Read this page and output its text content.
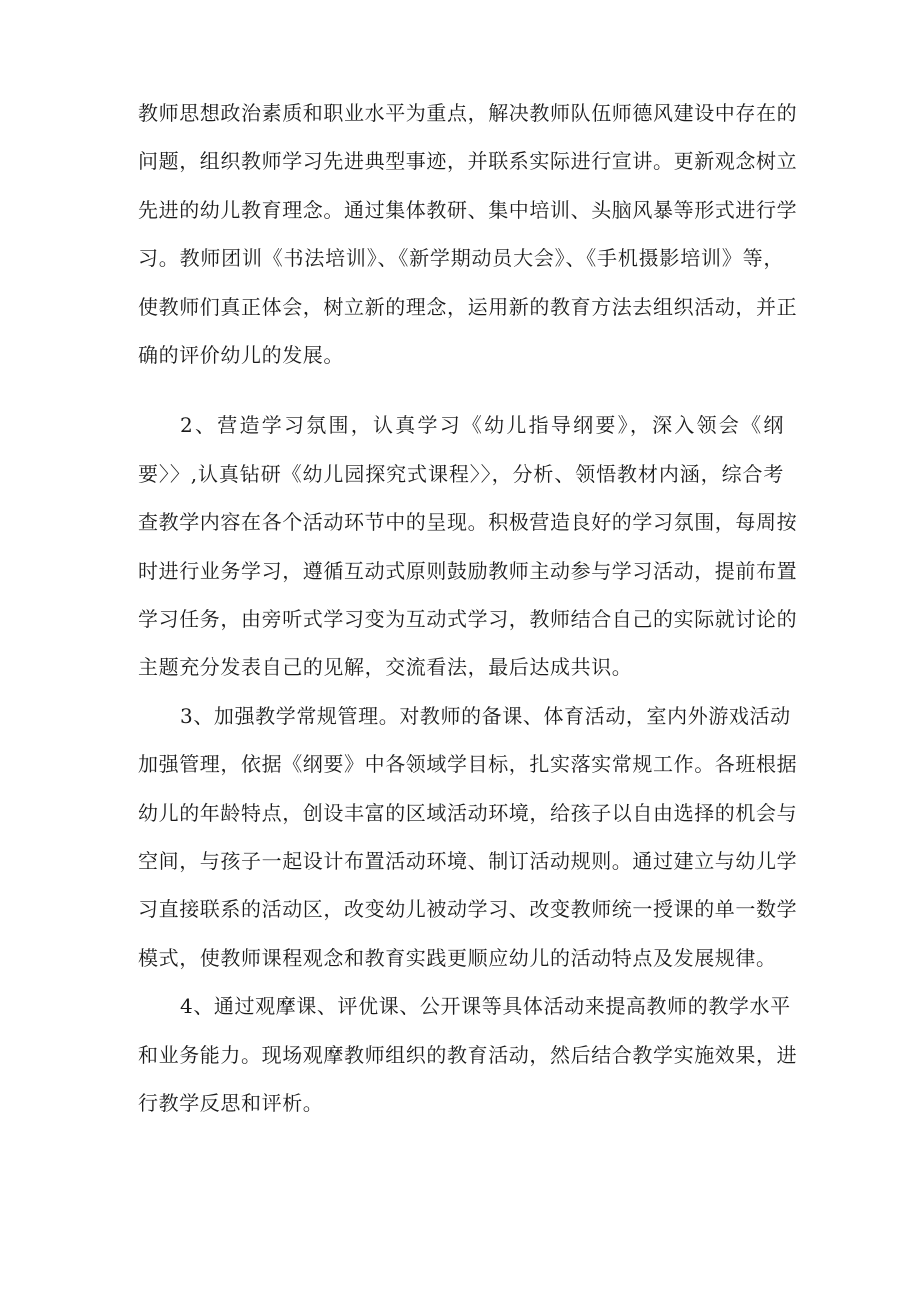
教师思想政治素质和职业水平为重点，解决教师队伍师德风建设中存在的
问题，组织教师学习先进典型事迹，并联系实际进行宣讲。更新观念树立
先进的幼儿教育理念。通过集体教研、集中培训、头脑风暴等形式进行学
习。教师团训《书法培训》、《新学期动员大会》、《手机摄影培训》等，
使教师们真正体会，树立新的理念，运用新的教育方法去组织活动，并正
确的评价幼儿的发展。
2、营造学习氛围，认真学习《幼儿指导纲要》，深入领会《纲
要〉〉,认真钻研《幼儿园探究式课程〉〉，分析、领悟教材内涵，综合考
查教学内容在各个活动环节中的呈现。积极营造良好的学习氛围，每周按
时进行业务学习，遵循互动式原则鼓励教师主动参与学习活动，提前布置
学习任务，由旁听式学习变为互动式学习，教师结合自己的实际就讨论的
主题充分发表自己的见解，交流看法，最后达成共识。
3、加强教学常规管理。对教师的备课、体育活动，室内外游戏活动
加强管理，依据《纲要》中各领域学目标，扎实落实常规工作。各班根据
幼儿的年龄特点，创设丰富的区域活动环境，给孩子以自由选择的机会与
空间，与孩子一起设计布置活动环境、制订活动规则。通过建立与幼儿学
习直接联系的活动区，改变幼儿被动学习、改变教师统一授课的单一数学
模式，使教师课程观念和教育实践更顺应幼儿的活动特点及发展规律。
4、通过观摩课、评优课、公开课等具体活动来提高教师的教学水平
和业务能力。现场观摩教师组织的教育活动，然后结合教学实施效果，进
行教学反思和评析。
